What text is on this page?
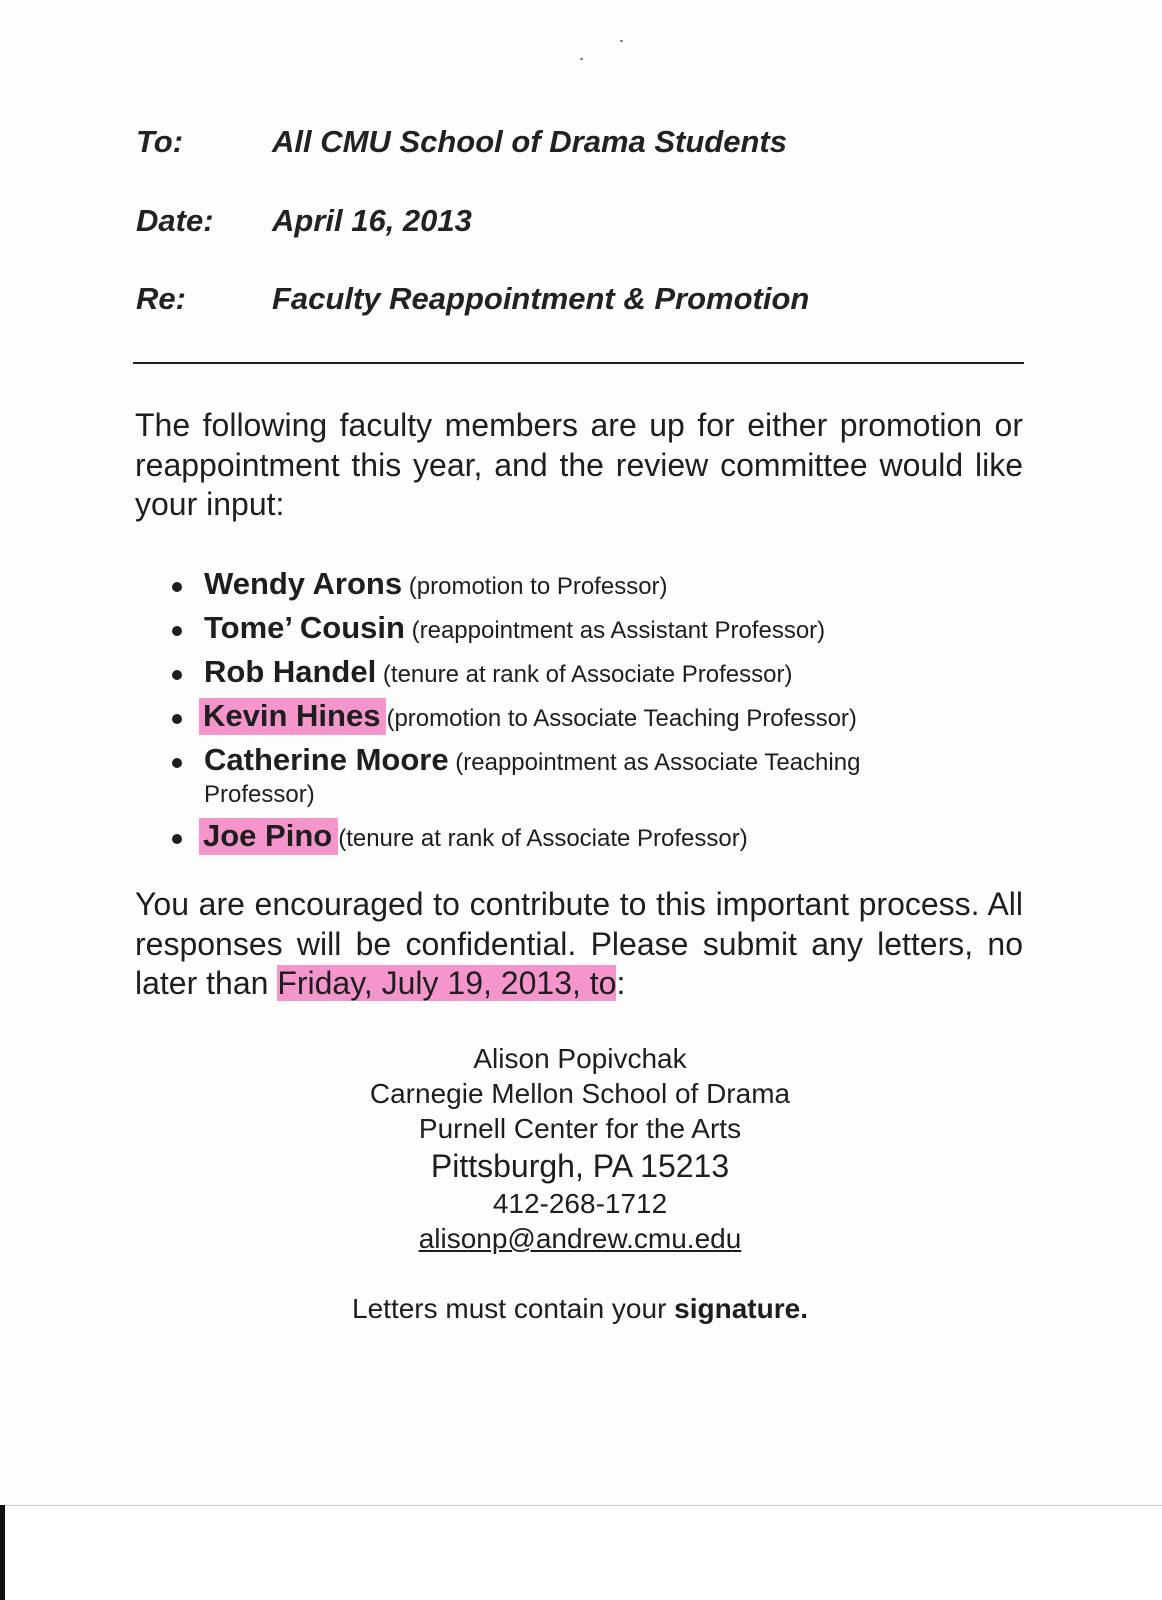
To:	All CMU School of Drama Students
Date: April 16, 2013
Re:	Faculty Reappointment & Promotion

The following faculty members are up for either promotion or reappointment this year, and the review committee would like your input:

Wendy Arons (promotion to Professor)
Tome’ Cousin (reappointment as Assistant Professor)
Rob Handel (tenure at rank of Associate Professor)
Kevin Hines (promotion to Associate Teaching Professor)
Catherine Moore (reappointment as Associate Teaching Professor)
Joe Pino (tenure at rank of Associate Professor)

You are encouraged to contribute to this important process. All responses will be confidential. Please submit any letters, no later than Friday, July 19, 2013, to:

Alison Popivchak
Carnegie Mellon School of Drama
Purnell Center for the Arts
Pittsburgh, PA 15213
412-268-1712
alisonp@andrew.cmu.edu
Letters must contain your signature.
